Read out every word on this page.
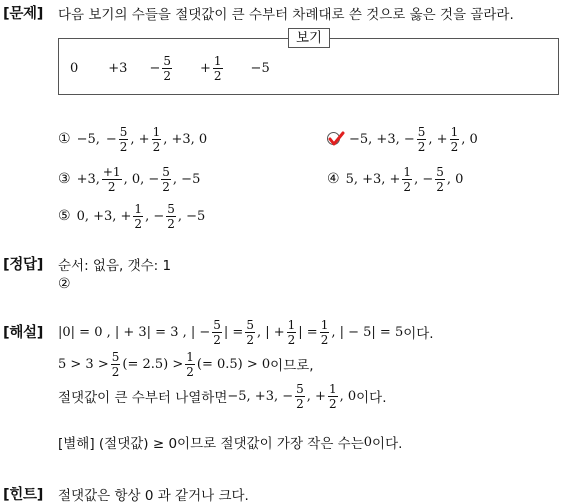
[문제] 다음 보기의 수들을 절댓값이 큰 수부터 차례대로 쓴 것으로 옳은 것을 골라라.
보기
$0 +3 - \frac{5}{2} + \frac{1}{2} -5$
① −5, − $\frac{5}{2}$ , + $\frac{1}{2}$ , +3, 0	−5, +3, − $\frac{5}{2}$ , + $\frac{1}{2}$ , 0
③ +3, $\frac{+1}{2}$ , 0, − $\frac{5}{2}$ , −5	④ 5, +3, + $\frac{1}{2}$ , − $\frac{5}{2}$ , 0
⑤ 0, +3, + $\frac{1}{2}$ , − $\frac{5}{2}$ , −5
[정답] 순서: 없음, 갯수: 1
②
[해설] |0| = 0 , | + 3| = 3 , | − $\frac{5}{2}$ | = $\frac{5}{2}$ , | + $\frac{1}{2}$ | = $\frac{1}{2}$ , | − 5| = 5 이다.
$5 > 3 > \frac{5}{2}$ (= $2.5) > \frac{1}{2}$ (= 0.5) > 0 이므로,
절댓값이 큰 수부터 나열하면 −5, +3, − $\frac{5}{2}$ , + $\frac{1}{2}$ , 0 이다.
[별해] (절댓값) ≥ 0 이므로 절댓값이 가장 작은 수는 0 이다.
[힌트] 절댓값은 항상 0 과 같거나 크다.
